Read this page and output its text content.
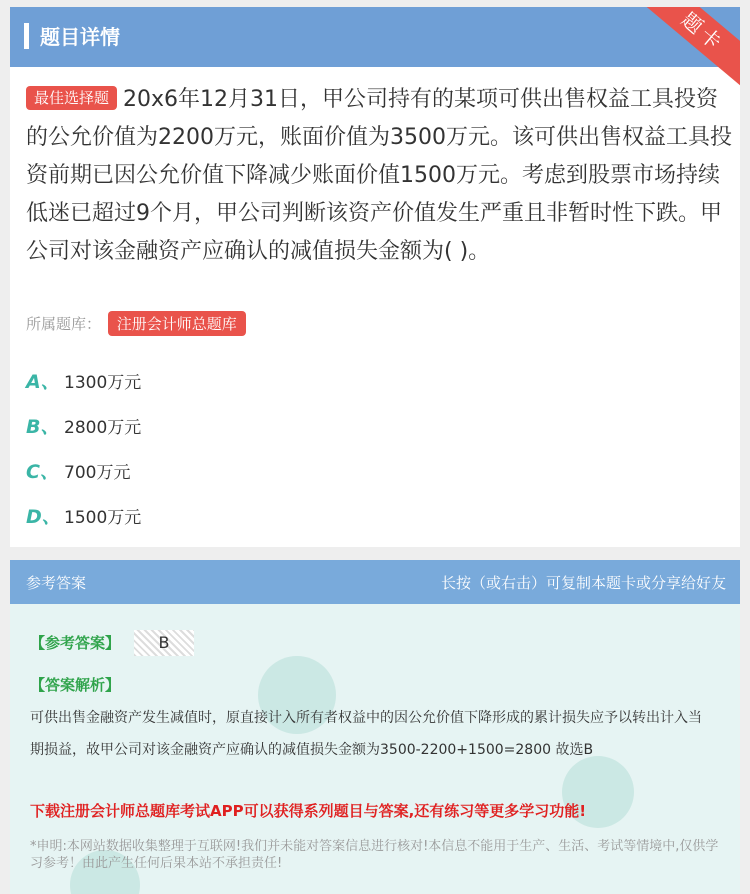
题目详情	题卡
最佳选择题 20x6年12月31日，甲公司持有的某项可供出售权益工具投资的公允价值为2200万元，账面价值为3500万元。该可供出售权益工具投资前期已因公允价值下降减少账面价值1500万元。考虑到股票市场持续低迷已超过9个月，甲公司判断该资产价值发生严重且非暂时性下跌。甲公司对该金融资产应确认的减值损失金额为( )。
所属题库： 注册会计师总题库
A、 1300万元
B、 2800万元
C、 700万元
D、 1500万元
参考答案	长按（或右击）可复制本题卡或分享给好友
【参考答案】	B
【答案解析】
可供出售金融资产发生减值时，原直接计入所有者权益中的因公允价值下降形成的累计损失应予以转出计入当期损益，故甲公司对该金融资产应确认的减值损失金额为3500-2200+1500=2800 故选B
下载注册会计师总题库考试APP可以获得系列题目与答案,还有练习等更多学习功能!
*申明:本网站数据收集整理于互联网!我们并未能对答案信息进行核对!本信息不能用于生产、生活、考试等情境中,仅供学习参考！由此产生任何后果本站不承担责任!
